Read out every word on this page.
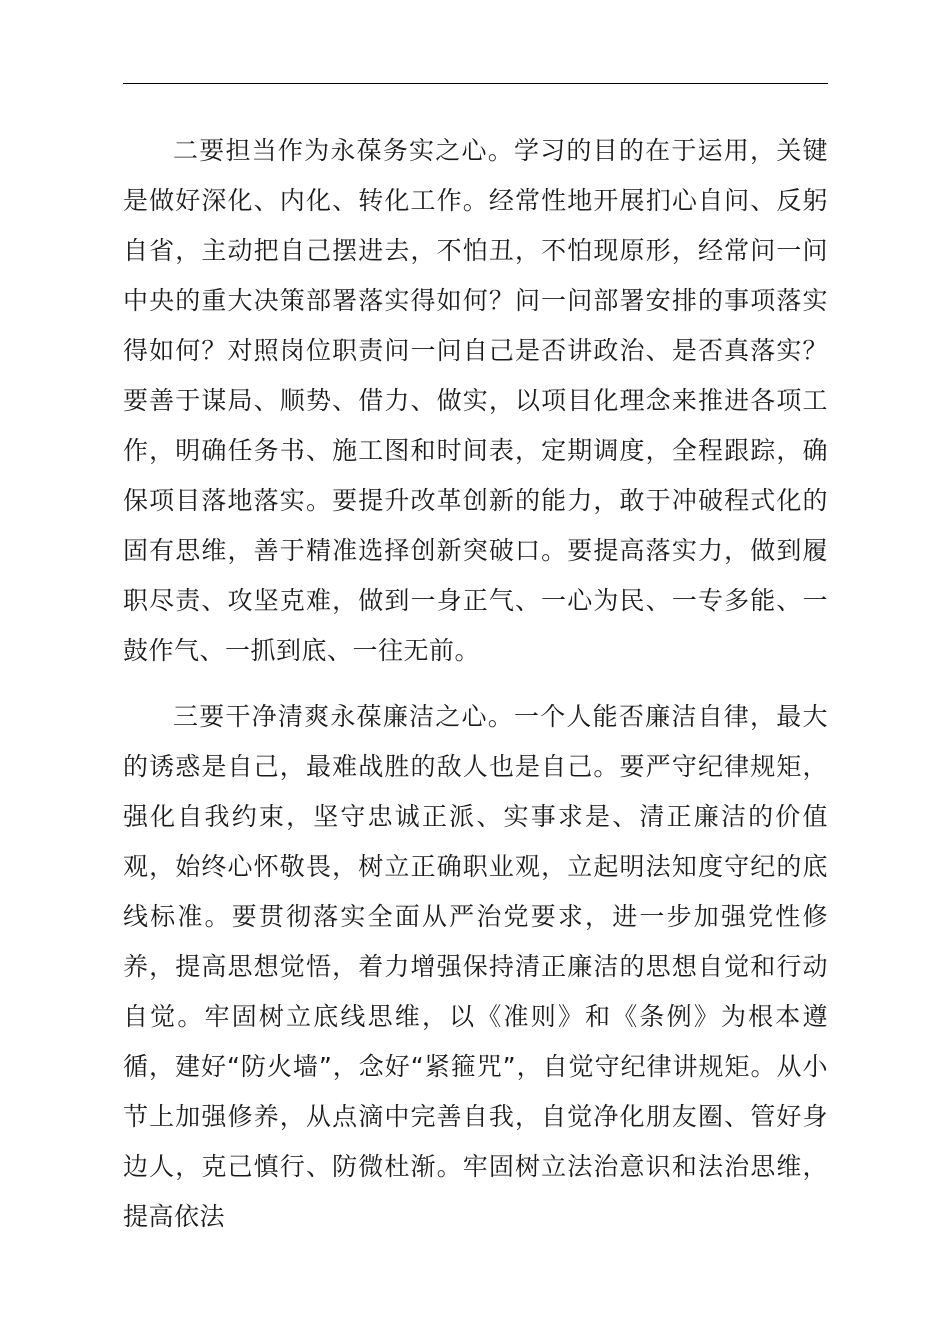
二要担当作为永葆务实之心。学习的目的在于运用，关键是做好深化、内化、转化工作。经常性地开展扪心自问、反躬自省，主动把自己摆进去，不怕丑，不怕现原形，经常问一问中央的重大决策部署落实得如何？问一问部署安排的事项落实得如何？对照岗位职责问一问自己是否讲政治、是否真落实？要善于谋局、顺势、借力、做实，以项目化理念来推进各项工作，明确任务书、施工图和时间表，定期调度，全程跟踪，确保项目落地落实。要提升改革创新的能力，敢于冲破程式化的固有思维，善于精准选择创新突破口。要提高落实力，做到履职尽责、攻坚克难，做到一身正气、一心为民、一专多能、一鼓作气、一抓到底、一往无前。

三要干净清爽永葆廉洁之心。一个人能否廉洁自律，最大的诱惑是自己，最难战胜的敌人也是自己。要严守纪律规矩，强化自我约束，坚守忠诚正派、实事求是、清正廉洁的价值观，始终心怀敬畏，树立正确职业观，立起明法知度守纪的底线标准。要贯彻落实全面从严治党要求，进一步加强党性修养，提高思想觉悟，着力增强保持清正廉洁的思想自觉和行动自觉。牢固树立底线思维，以《准则》和《条例》为根本遵循，建好“防火墙”，念好“紧箍咒”，自觉守纪律讲规矩。从小节上加强修养，从点滴中完善自我，自觉净化朋友圈、管好身边人，克己慎行、防微杜渐。牢固树立法治意识和法治思维，提高依法
